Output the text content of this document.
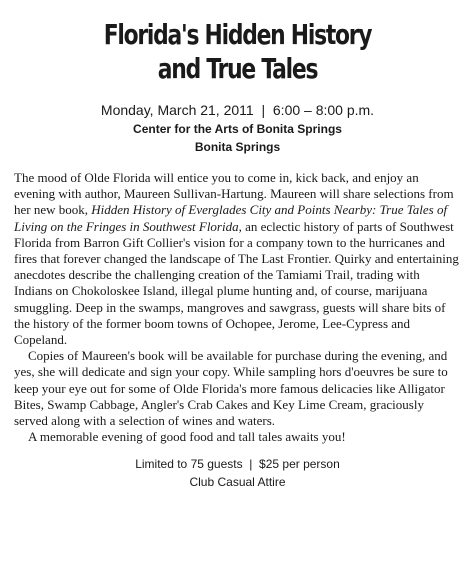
Florida's Hidden History
and True Tales
Monday, March 21, 2011  |  6:00 – 8:00 p.m.
Center for the Arts of Bonita Springs
Bonita Springs

The mood of Olde Florida will entice you to come in, kick back, and enjoy an evening with author, Maureen Sullivan-Hartung. Maureen will share selections from her new book, Hidden History of Everglades City and Points Nearby: True Tales of Living on the Fringes in Southwest Florida, an eclectic history of parts of Southwest Florida from Barron Gift Collier's vision for a company town to the hurricanes and fires that forever changed the landscape of The Last Frontier. Quirky and entertaining anecdotes describe the challenging creation of the Tamiami Trail, trading with Indians on Chokoloskee Island, illegal plume hunting and, of course, marijuana smuggling. Deep in the swamps, mangroves and sawgrass, guests will share bits of the history of the former boom towns of Ochopee, Jerome, Lee-Cypress and Copeland.

Copies of Maureen's book will be available for purchase during the evening, and yes, she will dedicate and sign your copy. While sampling hors d'oeuvres be sure to keep your eye out for some of Olde Florida's more famous delicacies like Alligator Bites, Swamp Cabbage, Angler's Crab Cakes and Key Lime Cream, graciously served along with a selection of wines and waters.

A memorable evening of good food and tall tales awaits you!

Limited to 75 guests  |  $25 per person
Club Casual Attire
